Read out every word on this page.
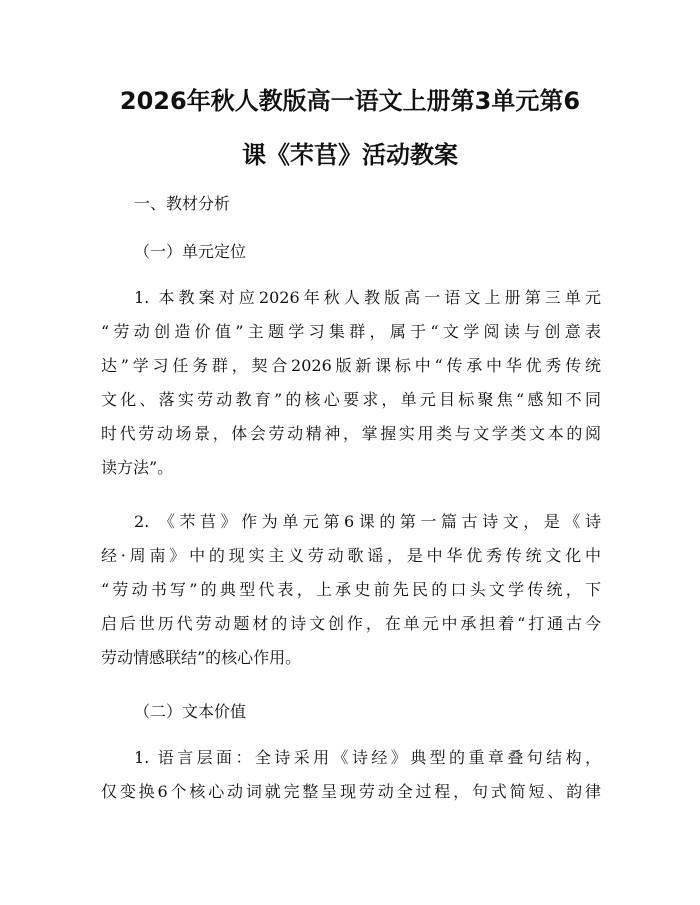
2026年秋人教版高一语文上册第3单元第6
课《芣苢》活动教案

一、教材分析

（一）单元定位

1. 本教案对应2026年秋人教版高一语文上册第三单元

“劳动创造价值”主题学习集群，属于“文学阅读与创意表

达”学习任务群，契合2026版新课标中“传承中华优秀传统

文化、落实劳动教育”的核心要求，单元目标聚焦“感知不同

时代劳动场景，体会劳动精神，掌握实用类与文学类文本的阅

读方法”。

2. 《芣苢》作为单元第6课的第一篇古诗文，是《诗

经·周南》中的现实主义劳动歌谣，是中华优秀传统文化中

“劳动书写”的典型代表，上承史前先民的口头文学传统，下

启后世历代劳动题材的诗文创作，在单元中承担着“打通古今

劳动情感联结”的核心作用。

（二）文本价值

1. 语言层面：全诗采用《诗经》典型的重章叠句结构，

仅变换6个核心动词就完整呈现劳动全过程，句式简短、韵律
